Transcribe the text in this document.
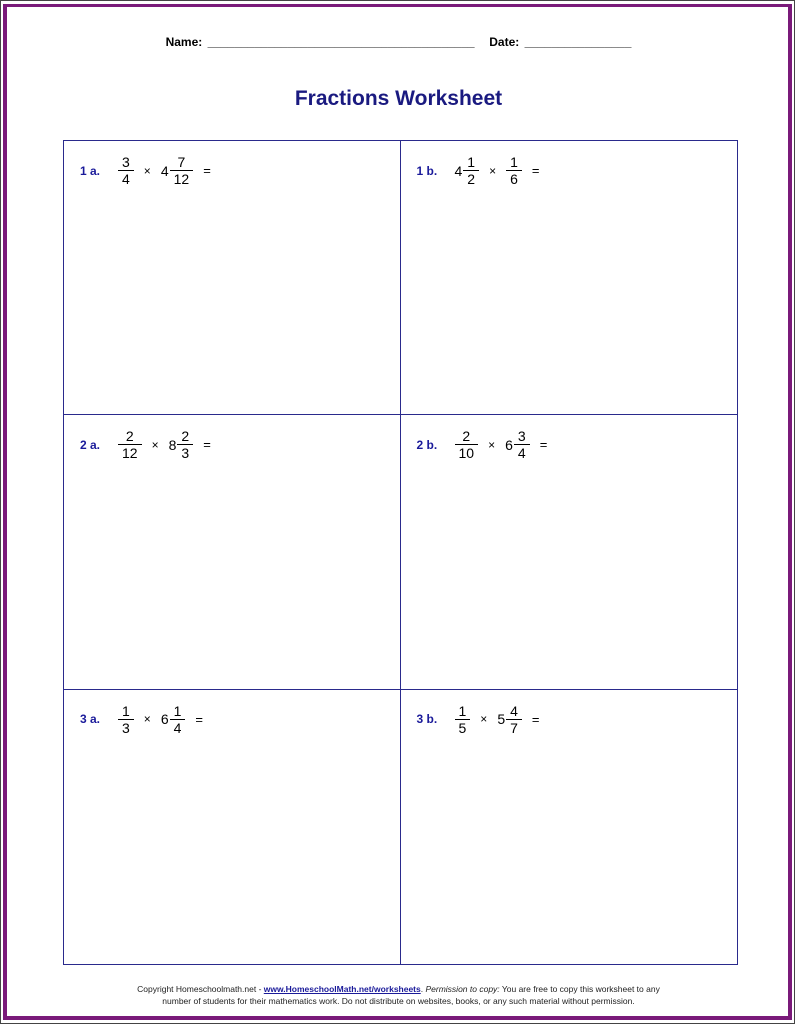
Name: ________________________________________ Date: ________________
Fractions Worksheet
1 a.	$\frac{3}{4} \times 4 \frac{7}{12}$ =	1 b.	$4 \frac{1}{2} \times \frac{1}{6}$ =
2 a.	$\frac{2}{12} \times 8 \frac{2}{3}$ =	2 b.	$\frac{2}{10} \times 6 \frac{3}{4}$ =
3 a.	$\frac{1}{3} \times 6 \frac{1}{4}$ =	3 b.	$\frac{1}{5} \times 5 \frac{4}{7}$ =
Copyright Homeschoolmath.net - www.HomeschoolMath.net/worksheets. Permission to copy: You are free to copy this worksheet to any
number of students for their mathematics work. Do not distribute on websites, books, or any such material without permission.
